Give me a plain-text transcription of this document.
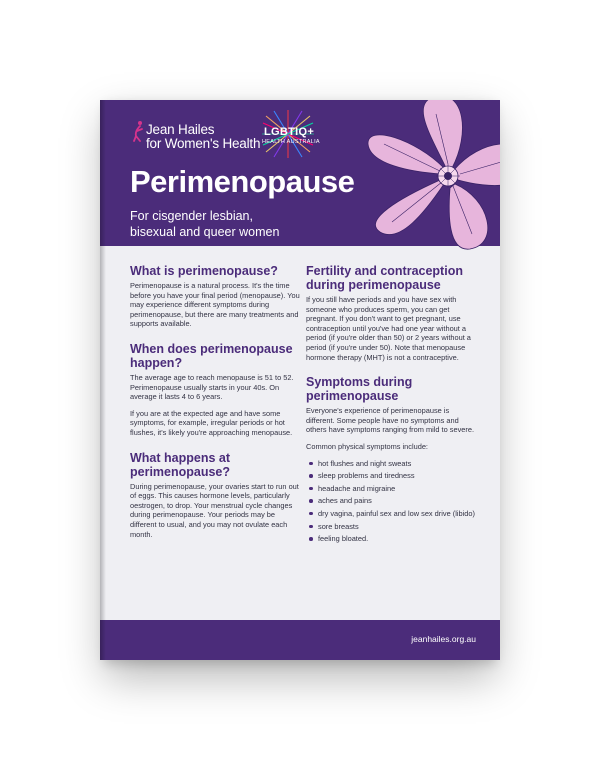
Jean Hailes
for Women's Health
LGBTIQ+
HEALTH AUSTRALIA
Perimenopause
For cisgender lesbian,
bisexual and queer women
What is perimenopause?

Perimenopause is a natural process. It's the time before you have your final period (menopause). You may experience different symptoms during perimenopause, but there are many treatments and supports available.

When does perimenopause happen?

The average age to reach menopause is 51 to 52. Perimenopause usually starts in your 40s. On average it lasts 4 to 6 years.

If you are at the expected age and have some symptoms, for example, irregular periods or hot flushes, it's likely you're approaching menopause.

What happens at perimenopause?

During perimenopause, your ovaries start to run out of eggs. This causes hormone levels, particularly oestrogen, to drop. Your menstrual cycle changes during perimenopause. Your periods may be different to usual, and you may not ovulate each month.

Fertility and contraception during perimenopause

If you still have periods and you have sex with someone who produces sperm, you can get pregnant. If you don't want to get pregnant, use contraception until you've had one year without a period (if you're older than 50) or 2 years without a period (if you're under 50). Note that menopause hormone therapy (MHT) is not a contraceptive.

Symptoms during perimenopause

Everyone's experience of perimenopause is different. Some people have no symptoms and others have symptoms ranging from mild to severe.

Common physical symptoms include:

hot flushes and night sweats
sleep problems and tiredness
headache and migraine
aches and pains
dry vagina, painful sex and low sex drive (libido)
sore breasts
feeling bloated.
jeanhailes.org.au
